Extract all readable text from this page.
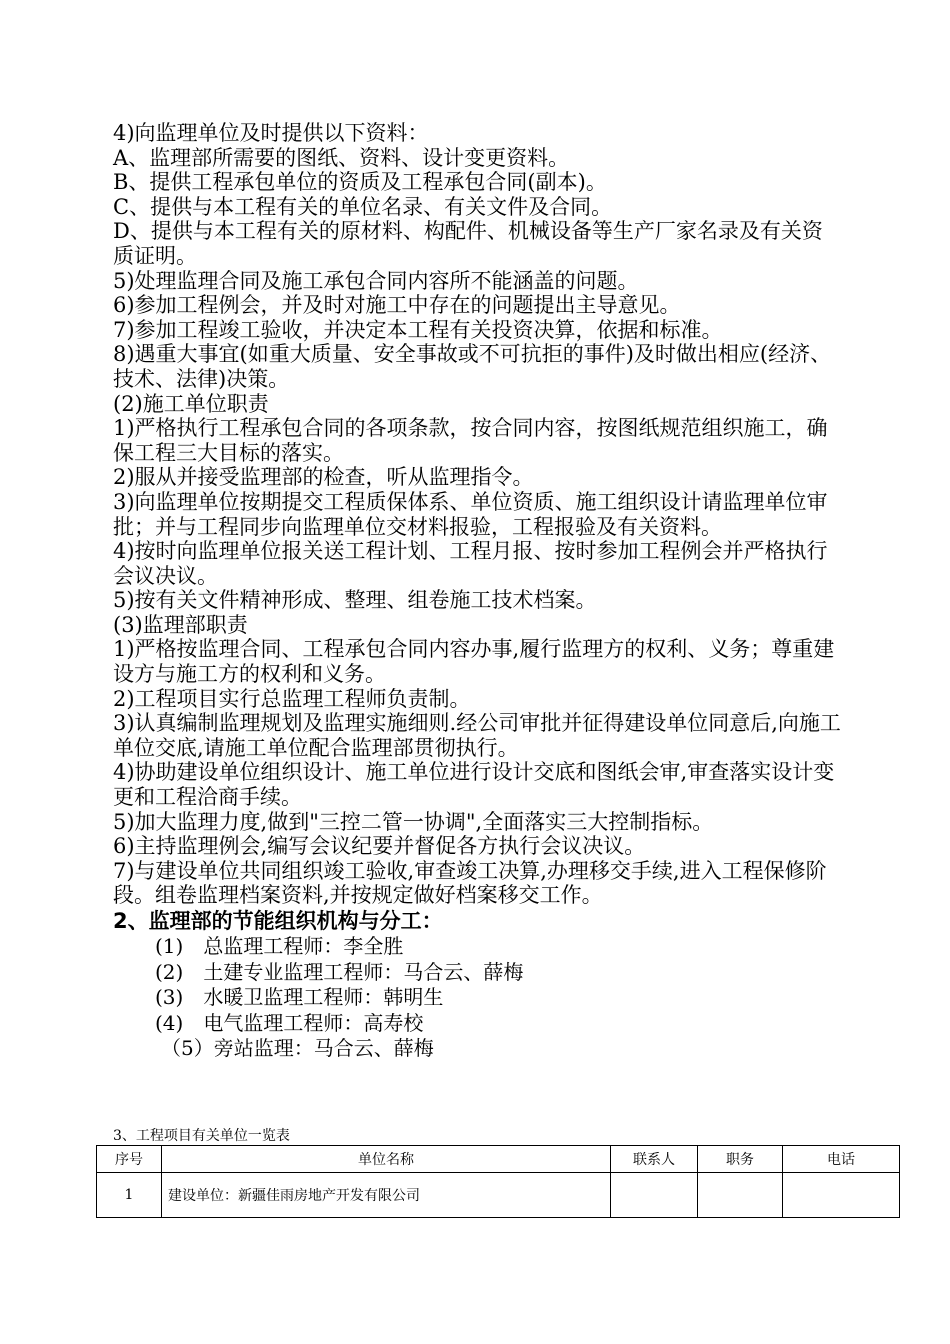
4)向监理单位及时提供以下资料：

A、监理部所需要的图纸、资料、设计变更资料。

B、提供工程承包单位的资质及工程承包合同(副本)。

C、提供与本工程有关的单位名录、有关文件及合同。

D、提供与本工程有关的原材料、构配件、机械设备等生产厂家名录及有关资质证明。

5)处理监理合同及施工承包合同内容所不能涵盖的问题。

6)参加工程例会，并及时对施工中存在的问题提出主导意见。

7)参加工程竣工验收，并决定本工程有关投资决算，依据和标准。

8)遇重大事宜(如重大质量、安全事故或不可抗拒的事件)及时做出相应(经济、技术、法律)决策。

(2)施工单位职责

1)严格执行工程承包合同的各项条款，按合同内容，按图纸规范组织施工，确保工程三大目标的落实。

2)服从并接受监理部的检查，听从监理指令。

3)向监理单位按期提交工程质保体系、单位资质、施工组织设计请监理单位审批；并与工程同步向监理单位交材料报验，工程报验及有关资料。

4)按时向监理单位报关送工程计划、工程月报、按时参加工程例会并严格执行会议决议。

5)按有关文件精神形成、整理、组卷施工技术档案。

(3)监理部职责

1)严格按监理合同、工程承包合同内容办事,履行监理方的权利、义务；尊重建设方与施工方的权利和义务。

2)工程项目实行总监理工程师负责制。

3)认真编制监理规划及监理实施细则.经公司审批并征得建设单位同意后,向施工单位交底,请施工单位配合监理部贯彻执行。

4)协助建设单位组织设计、施工单位进行设计交底和图纸会审,审查落实设计变更和工程洽商手续。

5)加大监理力度,做到"三控二管一协调",全面落实三大控制指标。

6)主持监理例会,编写会议纪要并督促各方执行会议决议。

7)与建设单位共同组织竣工验收,审查竣工决算,办理移交手续,进入工程保修阶段。组卷监理档案资料,并按规定做好档案移交工作。

2、监理部的节能组织机构与分工：
(1)　总监理工程师：李全胜
(2)　土建专业监理工程师：马合云、薛梅
(3)　水暖卫监理工程师：韩明生
(4)　电气监理工程师：高寿校
（5）旁站监理：马合云、薛梅
3、工程项目有关单位一览表
序号	单位名称	联系人	职务	电话
1	建设单位：新疆佳雨房地产开发有限公司			
